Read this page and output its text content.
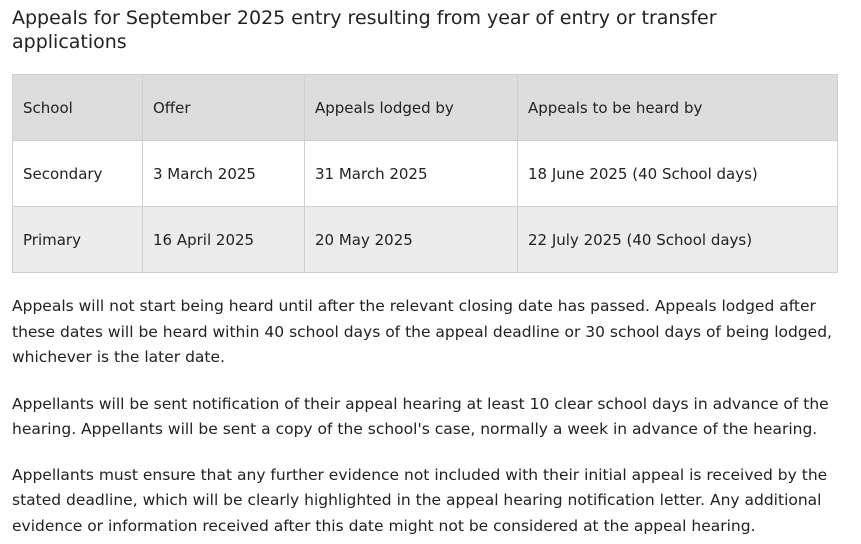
Appeals for September 2025 entry resulting from year of entry or transfer applications
School	Offer	Appeals lodged by	Appeals to be heard by
Secondary	3 March 2025	31 March 2025	18 June 2025 (40 School days)
Primary	16 April 2025	20 May 2025	22 July 2025 (40 School days)

Appeals will not start being heard until after the relevant closing date has passed. Appeals lodged after these dates will be heard within 40 school days of the appeal deadline or 30 school days of being lodged, whichever is the later date.

Appellants will be sent notification of their appeal hearing at least 10 clear school days in advance of the hearing. Appellants will be sent a copy of the school's case, normally a week in advance of the hearing.

Appellants must ensure that any further evidence not included with their initial appeal is received by the stated deadline, which will be clearly highlighted in the appeal hearing notification letter. Any additional evidence or information received after this date might not be considered at the appeal hearing.
